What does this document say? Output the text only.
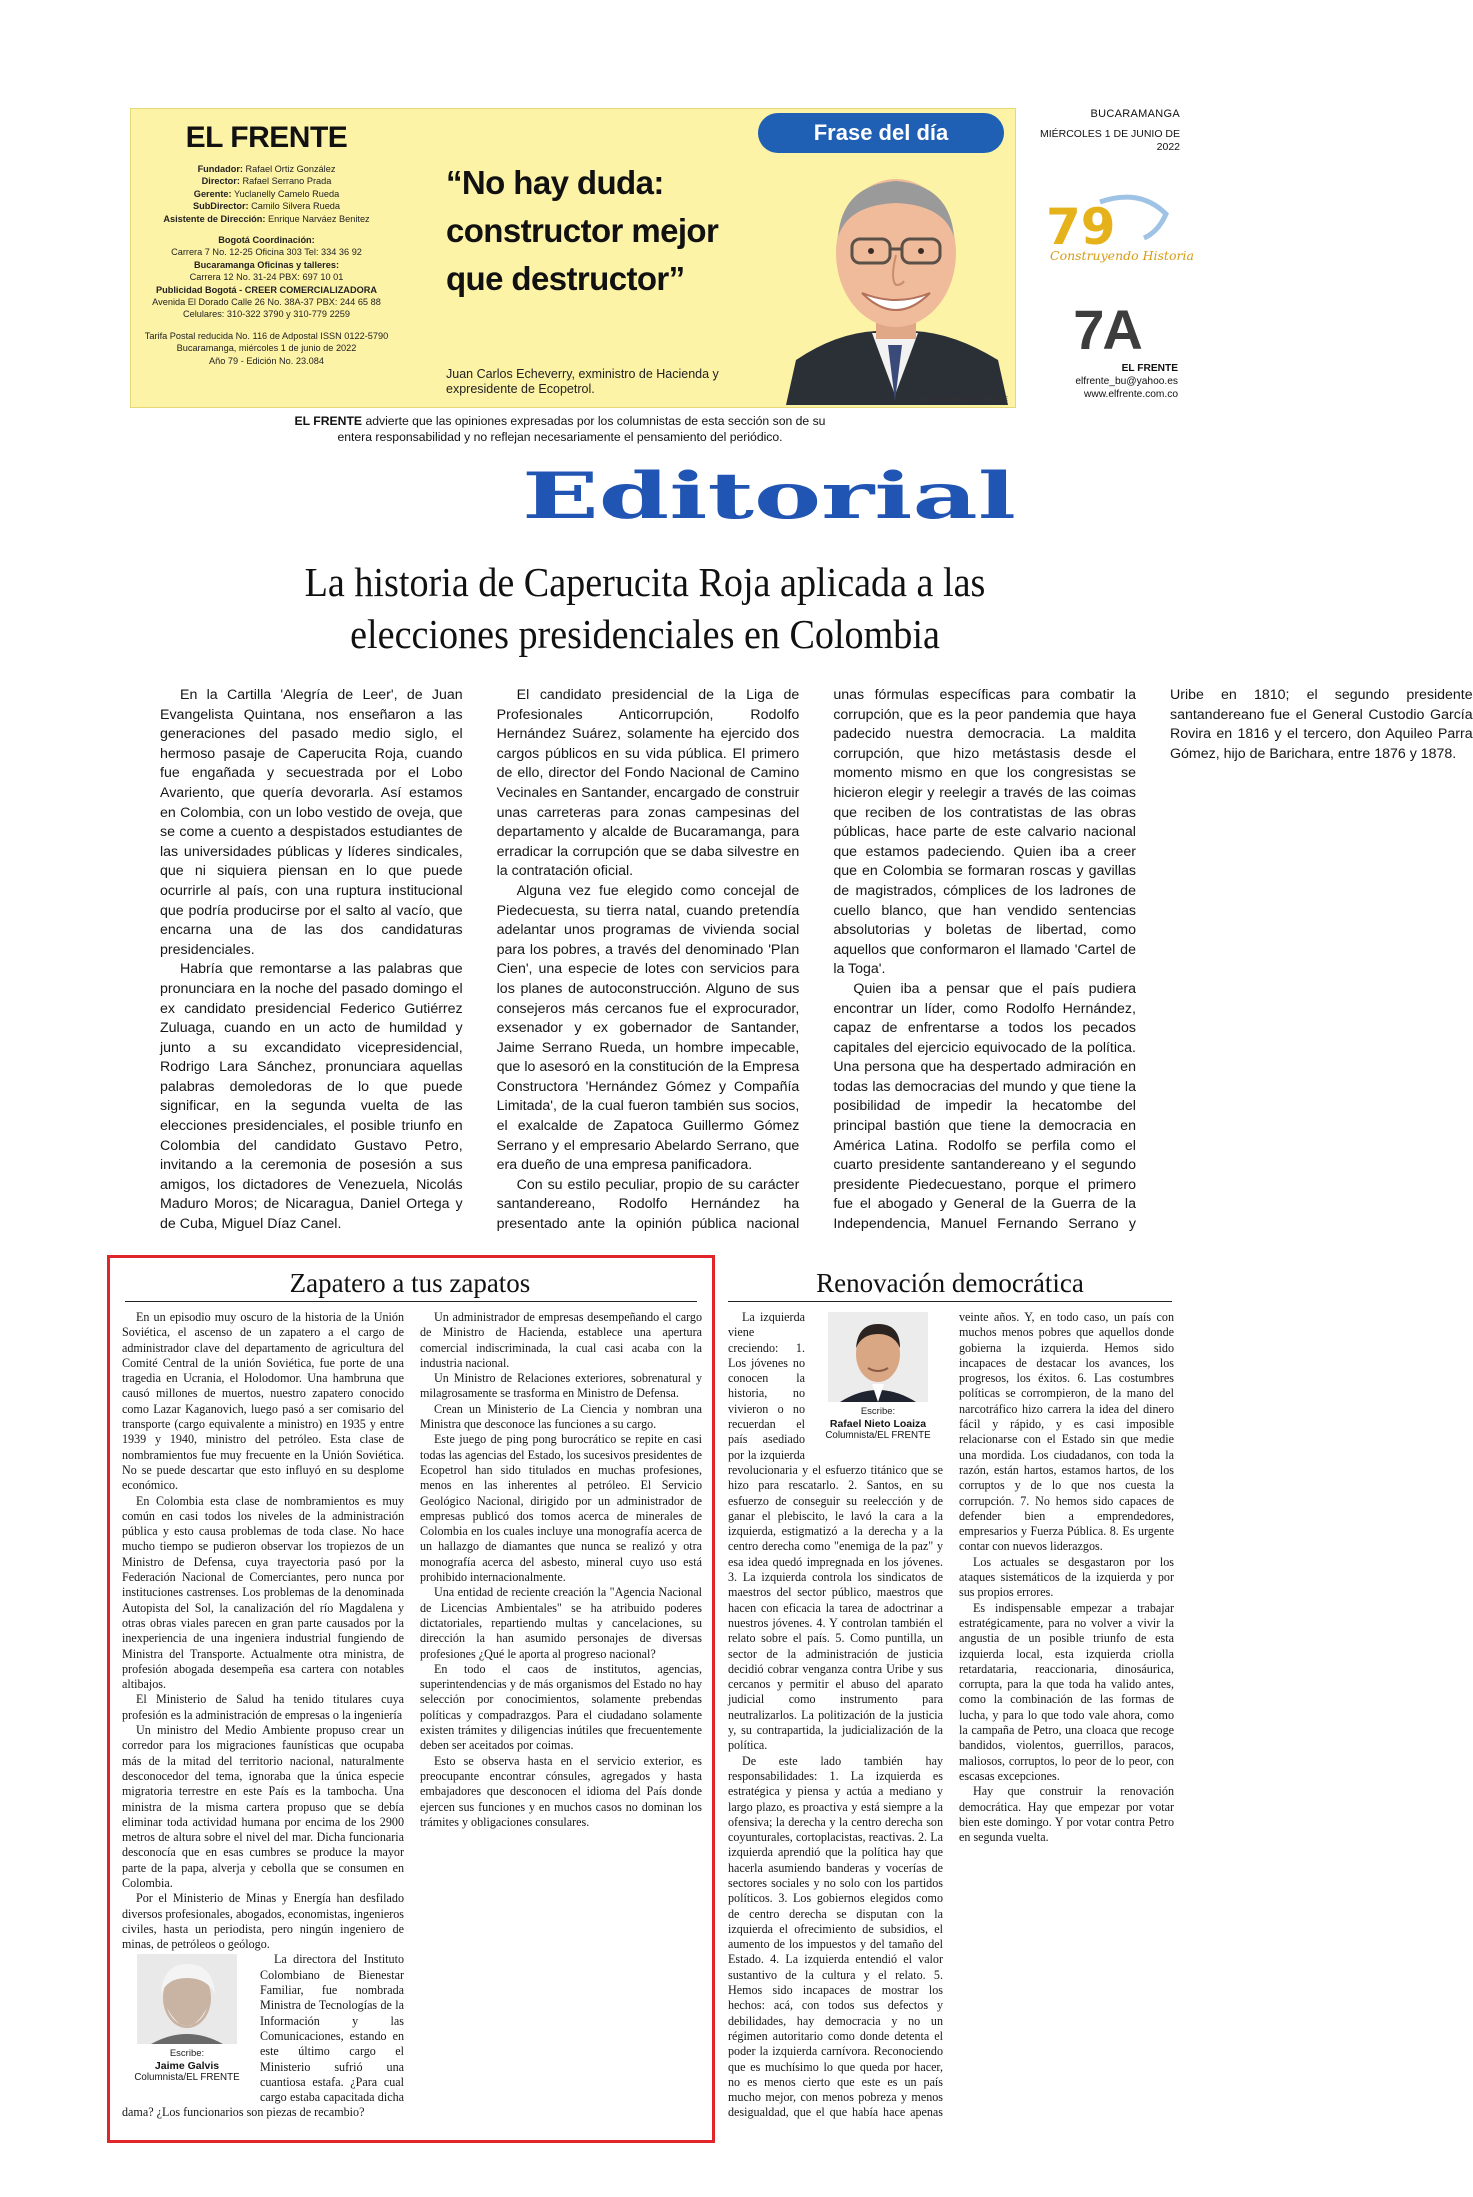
EL FRENTE
Fundador: Rafael Ortiz González
Director: Rafael Serrano Prada
Gerente: Yuclanelly Camelo Rueda
SubDirector: Camilo Silvera Rueda
Asistente de Dirección: Enrique Narváez Benitez
Bogotá Coordinación:
Carrera 7 No. 12-25 Oficina 303 Tel: 334 36 92
Bucaramanga Oficinas y talleres:
Carrera 12 No. 31-24 PBX: 697 10 01
Publicidad Bogotá - CREER COMERCIALIZADORA
Avenida El Dorado Calle 26 No. 38A-37 PBX: 244 65 88
Celulares: 310-322 3790 y 310-779 2259
Tarifa Postal reducida No. 116 de Adpostal ISSN 0122-5790
Bucaramanga, miércoles 1 de junio de 2022
Año 79 - Edición No. 23.084
Frase del día
“No hay duda: constructor mejor que destructor”
Juan Carlos Echeverry, exministro de Hacienda y expresidente de Ecopetrol.
Foto suministrada / EL FRENTE
BUCARAMANGA
MIÉRCOLES 1 DE JUNIO DE 2022
79
Construyendo Historia
7A
EL FRENTE
elfrente_bu@yahoo.es
www.elfrente.com.co
EL FRENTE advierte que las opiniones expresadas por los columnistas de esta sección son de su entera responsabilidad y no reflejan necesariamente el pensamiento del periódico.
Editorial
La historia de Caperucita Roja aplicada a las elecciones presidenciales en Colombia

En la Cartilla 'Alegría de Leer', de Juan Evangelista Quintana, nos enseñaron a las generaciones del pasado medio siglo, el hermoso pasaje de Caperucita Roja, cuando fue engañada y secuestrada por el Lobo Avariento, que quería devorarla. Así estamos en Colombia, con un lobo vestido de oveja, que se come a cuento a despistados estudiantes de las universidades públicas y líderes sindicales, que ni siquiera piensan en lo que puede ocurrirle al país, con una ruptura institucional que podría producirse por el salto al vacío, que encarna una de las dos candidaturas presidenciales.

Habría que remontarse a las palabras que pronunciara en la noche del pasado domingo el ex candidato presidencial Federico Gutiérrez Zuluaga, cuando en un acto de humildad y junto a su excandidato vicepresidencial, Rodrigo Lara Sánchez, pronunciara aquellas palabras demoledoras de lo que puede significar, en la segunda vuelta de las elecciones presidenciales, el posible triunfo en Colombia del candidato Gustavo Petro, invitando a la ceremonia de posesión a sus amigos, los dictadores de Venezuela, Nicolás Maduro Moros; de Nicaragua, Daniel Ortega y de Cuba, Miguel Díaz Canel.

El candidato presidencial de la Liga de Profesionales Anticorrupción, Rodolfo Hernández Suárez, solamente ha ejercido dos cargos públicos en su vida pública. El primero de ello, director del Fondo Nacional de Camino Vecinales en Santander, encargado de construir unas carreteras para zonas campesinas del departamento y alcalde de Bucaramanga, para erradicar la corrupción que se daba silvestre en la contratación oficial.

Alguna vez fue elegido como concejal de Piedecuesta, su tierra natal, cuando pretendía adelantar unos programas de vivienda social para los pobres, a través del denominado 'Plan Cien', una especie de lotes con servicios para los planes de autoconstrucción. Alguno de sus consejeros más cercanos fue el exprocurador, exsenador y ex gobernador de Santander, Jaime Serrano Rueda, un hombre impecable, que lo asesoró en la constitución de la Empresa Constructora 'Hernández Gómez y Compañía Limitada', de la cual fueron también sus socios, el exalcalde de Zapatoca Guillermo Gómez Serrano y el empresario Abelardo Serrano, que era dueño de una empresa panificadora.

Con su estilo peculiar, propio de su carácter santandereano, Rodolfo Hernández ha presentado ante la opinión pública nacional unas fórmulas específicas para combatir la corrupción, que es la peor pandemia que haya padecido nuestra democracia. La maldita corrupción, que hizo metástasis desde el momento mismo en que los congresistas se hicieron elegir y reelegir a través de las coimas que reciben de los contratistas de las obras públicas, hace parte de este calvario nacional que estamos padeciendo. Quien iba a creer que en Colombia se formaran roscas y gavillas de magistrados, cómplices de los ladrones de cuello blanco, que han vendido sentencias absolutorias y boletas de libertad, como aquellos que conformaron el llamado 'Cartel de la Toga'.

Quien iba a pensar que el país pudiera encontrar un líder, como Rodolfo Hernández, capaz de enfrentarse a todos los pecados capitales del ejercicio equivocado de la política. Una persona que ha despertado admiración en todas las democracias del mundo y que tiene la posibilidad de impedir la hecatombe del principal bastión que tiene la democracia en América Latina. Rodolfo se perfila como el cuarto presidente santandereano y el segundo presidente Piedecuestano, porque el primero fue el abogado y General de la Guerra de la Independencia, Manuel Fernando Serrano y Uribe en 1810; el segundo presidente santandereano fue el General Custodio García Rovira en 1816 y el tercero, don Aquileo Parra Gómez, hijo de Barichara, entre 1876 y 1878.

Zapatero a tus zapatos

En un episodio muy oscuro de la historia de la Unión Soviética, el ascenso de un zapatero a el cargo de administrador clave del departamento de agricultura del Comité Central de la unión Soviética, fue porte de una tragedia en Ucrania, el Holodomor. Una hambruna que causó millones de muertos, nuestro zapatero conocido como Lazar Kaganovich, luego pasó a ser comisario del transporte (cargo equivalente a ministro) en 1935 y entre 1939 y 1940, ministro del petróleo. Esta clase de nombramientos fue muy frecuente en la Unión Soviética. No se puede descartar que esto influyó en su desplome económico.

En Colombia esta clase de nombramientos es muy común en casi todos los niveles de la administración pública y esto causa problemas de toda clase. No hace mucho tiempo se pudieron observar los tropiezos de un Ministro de Defensa, cuya trayectoria pasó por la Federación Nacional de Comerciantes, pero nunca por instituciones castrenses. Los problemas de la denominada Autopista del Sol, la canalización del río Magdalena y otras obras viales parecen en gran parte causados por la inexperiencia de una ingeniera industrial fungiendo de Ministra del Transporte. Actualmente otra ministra, de profesión abogada desempeña esa cartera con notables altibajos.

El Ministerio de Salud ha tenido titulares cuya profesión es la administración de empresas o la ingeniería

Un ministro del Medio Ambiente propuso crear un corredor para los migraciones faunísticas que ocupaba más de la mitad del territorio nacional, naturalmente desconocedor del tema, ignoraba que la única especie migratoria terrestre en este País es la tambocha. Una ministra de la misma cartera propuso que se debía eliminar toda actividad humana por encima de los 2900 metros de altura sobre el nivel del mar. Dicha funcionaria desconocía que en esas cumbres se produce la mayor parte de la papa, alverja y cebolla que se consumen en Colombia.

Por el Ministerio de Minas y Energía han desfilado diversos profesionales, abogados, economistas, ingenieros civiles, hasta un periodista, pero ningún ingeniero de minas, de petróleos o geólogo.

Escribe:
Jaime Galvis
Columnista/EL FRENTE

La directora del Instituto Colombiano de Bienestar Familiar, fue nombrada Ministra de Tecnologías de la Información y las Comunicaciones, estando en este último cargo el Ministerio sufrió una cuantiosa estafa. ¿Para cual cargo estaba capacitada dicha dama? ¿Los funcionarios son piezas de recambio?

Un administrador de empresas desempeñando el cargo de Ministro de Hacienda, establece una apertura comercial indiscriminada, la cual casi acaba con la industria nacional.

Un Ministro de Relaciones exteriores, sobrenatural y milagrosamente se trasforma en Ministro de Defensa.

Crean un Ministerio de La Ciencia y nombran una Ministra que desconoce las funciones a su cargo.

Este juego de ping pong burocrático se repite en casi todas las agencias del Estado, los sucesivos presidentes de Ecopetrol han sido titulados en muchas profesiones, menos en las inherentes al petróleo. El Servicio Geológico Nacional, dirigido por un administrador de empresas publicó dos tomos acerca de minerales de Colombia en los cuales incluye una monografía acerca de un hallazgo de diamantes que nunca se realizó y otra monografía acerca del asbesto, mineral cuyo uso está prohibido internacionalmente.

Una entidad de reciente creación la "Agencia Nacional de Licencias Ambientales" se ha atribuido poderes dictatoriales, repartiendo multas y cancelaciones, su dirección la han asumido personajes de diversas profesiones ¿Qué le aporta al progreso nacional?

En todo el caos de institutos, agencias, superintendencias y de más organismos del Estado no hay selección por conocimientos, solamente prebendas políticas y compadrazgos. Para el ciudadano solamente existen trámites y diligencias inútiles que frecuentemente deben ser aceitados por coimas.

Esto se observa hasta en el servicio exterior, es preocupante encontrar cónsules, agregados y hasta embajadores que desconocen el idioma del País donde ejercen sus funciones y en muchos casos no dominan los trámites y obligaciones consulares.

Renovación democrática
Escribe:
Rafael Nieto Loaiza
Columnista/EL FRENTE

La izquierda viene creciendo: 1. Los jóvenes no conocen la historia, no vivieron o no recuerdan el país asediado por la izquierda revolucionaria y el esfuerzo titánico que se hizo para rescatarlo. 2. Santos, en su esfuerzo de conseguir su reelección y de ganar el plebiscito, le lavó la cara a la izquierda, estigmatizó a la derecha y a la centro derecha como "enemiga de la paz" y esa idea quedó impregnada en los jóvenes. 3. La izquierda controla los sindicatos de maestros del sector público, maestros que hacen con eficacia la tarea de adoctrinar a nuestros jóvenes. 4. Y controlan también el relato sobre el país. 5. Como puntilla, un sector de la administración de justicia decidió cobrar venganza contra Uribe y sus cercanos y permitir el abuso del aparato judicial como instrumento para neutralizarlos. La politización de la justicia y, su contrapartida, la judicialización de la política.

De este lado también hay responsabilidades: 1. La izquierda es estratégica y piensa y actúa a mediano y largo plazo, es proactiva y está siempre a la ofensiva; la derecha y la centro derecha son coyunturales, cortoplacistas, reactivas. 2. La izquierda aprendió que la política hay que hacerla asumiendo banderas y vocerías de sectores sociales y no solo con los partidos políticos. 3. Los gobiernos elegidos como de centro derecha se disputan con la izquierda el ofrecimiento de subsidios, el aumento de los impuestos y del tamaño del Estado. 4. La izquierda entendió el valor sustantivo de la cultura y el relato. 5. Hemos sido incapaces de mostrar los hechos: acá, con todos sus defectos y debilidades, hay democracia y no un régimen autoritario como donde detenta el poder la izquierda carnívora. Reconociendo que es muchísimo lo que queda por hacer, no es menos cierto que este es un país mucho mejor, con menos pobreza y menos desigualdad, que el que había hace apenas veinte años. Y, en todo caso, un país con muchos menos pobres que aquellos donde gobierna la izquierda. Hemos sido incapaces de destacar los avances, los progresos, los éxitos. 6. Las costumbres políticas se corrompieron, de la mano del narcotráfico hizo carrera la idea del dinero fácil y rápido, y es casi imposible relacionarse con el Estado sin que medie una mordida. Los ciudadanos, con toda la razón, están hartos, estamos hartos, de los corruptos y de lo que nos cuesta la corrupción. 7. No hemos sido capaces de defender bien a emprendedores, empresarios y Fuerza Pública. 8. Es urgente contar con nuevos liderazgos.

Los actuales se desgastaron por los ataques sistemáticos de la izquierda y por sus propios errores.

Es indispensable empezar a trabajar estratégicamente, para no volver a vivir la angustia de un posible triunfo de esta izquierda local, esta izquierda criolla retardataria, reaccionaria, dinosáurica, corrupta, para la que toda ha valido antes, como la combinación de las formas de lucha, y para lo que todo vale ahora, como la campaña de Petro, una cloaca que recoge bandidos, violentos, guerrillos, paracos, maliosos, corruptos, lo peor de lo peor, con escasas excepciones.

Hay que construir la renovación democrática. Hay que empezar por votar bien este domingo. Y por votar contra Petro en segunda vuelta.
